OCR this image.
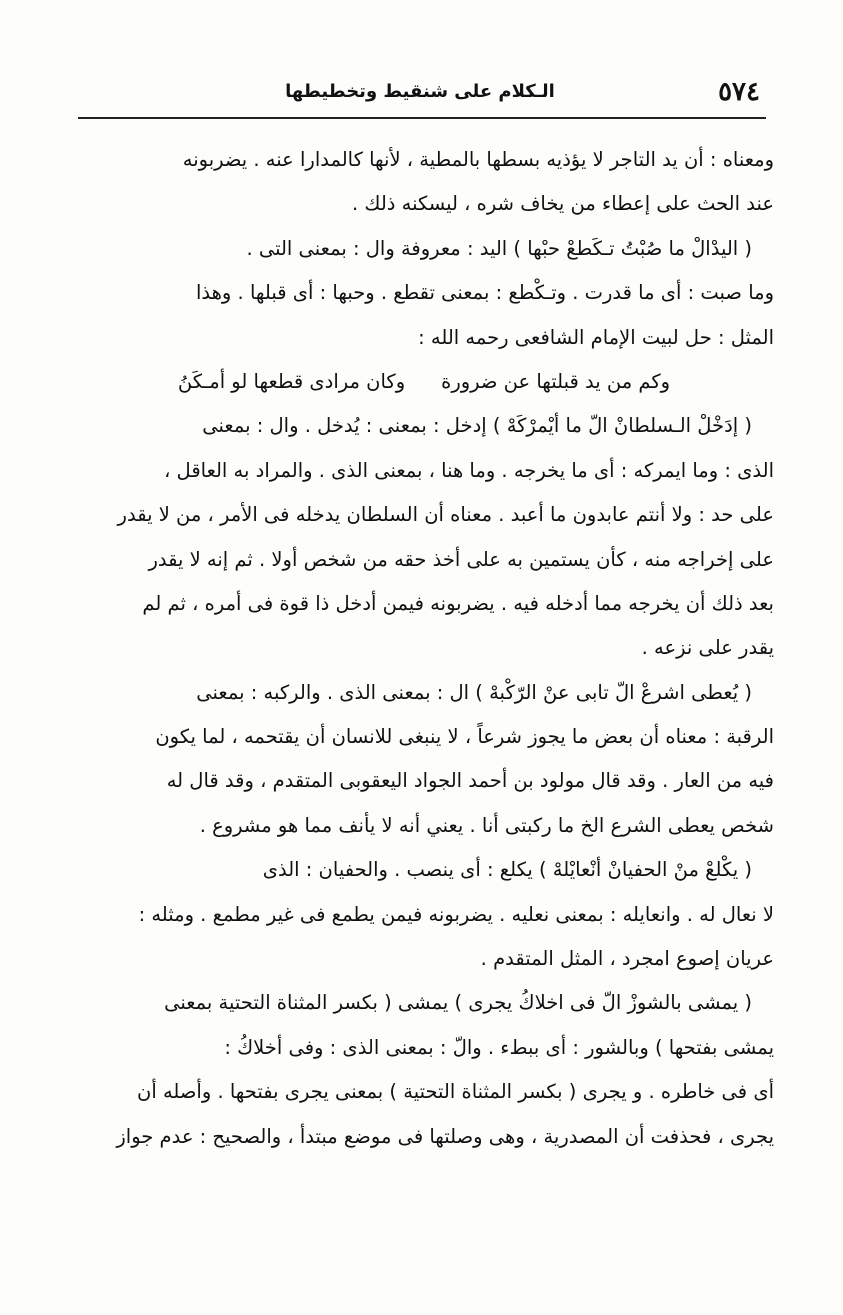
٥٧٤
الـكلام على شنقيط وتخطيطها
ومعناه : أن يد التاجر لا يؤذيه بسطها بالمطية ، لأنها كالمدارا عنه . يضربونه
عند الحث على إعطاء من يخاف شره ، ليسكنه ذلك .
( اليدْالْ ما صُبْتُ تـكَطعْ حبْها ) اليد : معروفة وال : بمعنى التى .
وما صبت : أى ما قدرت . وتـكْطع : بمعنى تقطع . وحبها : أى قبلها . وهذا
المثل : حل لبيت الإمام الشافعى رحمه الله :
وكم من يد قبلتها عن ضرورةوكان مرادى قطعها لو أمـكَنُ
( إدَخْلْ الـسلطانْ الّ ما أيْمرْكَهْ ) إدخل : بمعنى : يُدخل . وال : بمعنى
الذى : وما ايمركه : أى ما يخرجه . وما هنا ، بمعنى الذى . والمراد به العاقل ،
على حد : ولا أنتم عابدون ما أعبد . معناه أن السلطان يدخله فى الأمر ، من لا يقدر
على إخراجه منه ، كأن يستمين به على أخذ حقه من شخص أولا . ثم إنه لا يقدر
بعد ذلك أن يخرجه مما أدخله فيه . يضربونه فيمن أدخل ذا قوة فى أمره ، ثم لم
يقدر على نزعه .
( يُعطى اشرعْ الّ تابى عنْ الرّكْبهْ ) ال : بمعنى الذى . والركبه : بمعنى
الرقبة : معناه أن بعض ما يجوز شرعاً ، لا ينبغى للانسان أن يقتحمه ، لما يكون
فيه من العار . وقد قال مولود بن أحمد الجواد اليعقوبى المتقدم ، وقد قال له
شخص يعطى الشرع الخ ما ركبتى أنا . يعني أنه لا يأنف مما هو مشروع .
( يكْلعْ منْ الحفيانْ أنْعايْلهْ ) يكلع : أى ينصب . والحفيان : الذى
لا نعال له . وانعايله : بمعنى نعليه . يضربونه فيمن يطمع فى غير مطمع . ومثله :
عريان إصوع امجرد ، المثل المتقدم .
( يمشى بالشوزْ الّ فى اخلاكُ يجرى ) يمشى ( بكسر المثناة التحتية بمعنى
يمشى بفتحها ) وبالشور : أى ببطء . والّ : بمعنى الذى : وفى أخلاكُ :
أى فى خاطره . و يجرى ( بكسر المثناة التحتية ) بمعنى يجرى بفتحها . وأصله أن
يجرى ، فحذفت أن المصدرية ، وهى وصلتها فى موضع مبتدأ ، والصحيح : عدم جواز
